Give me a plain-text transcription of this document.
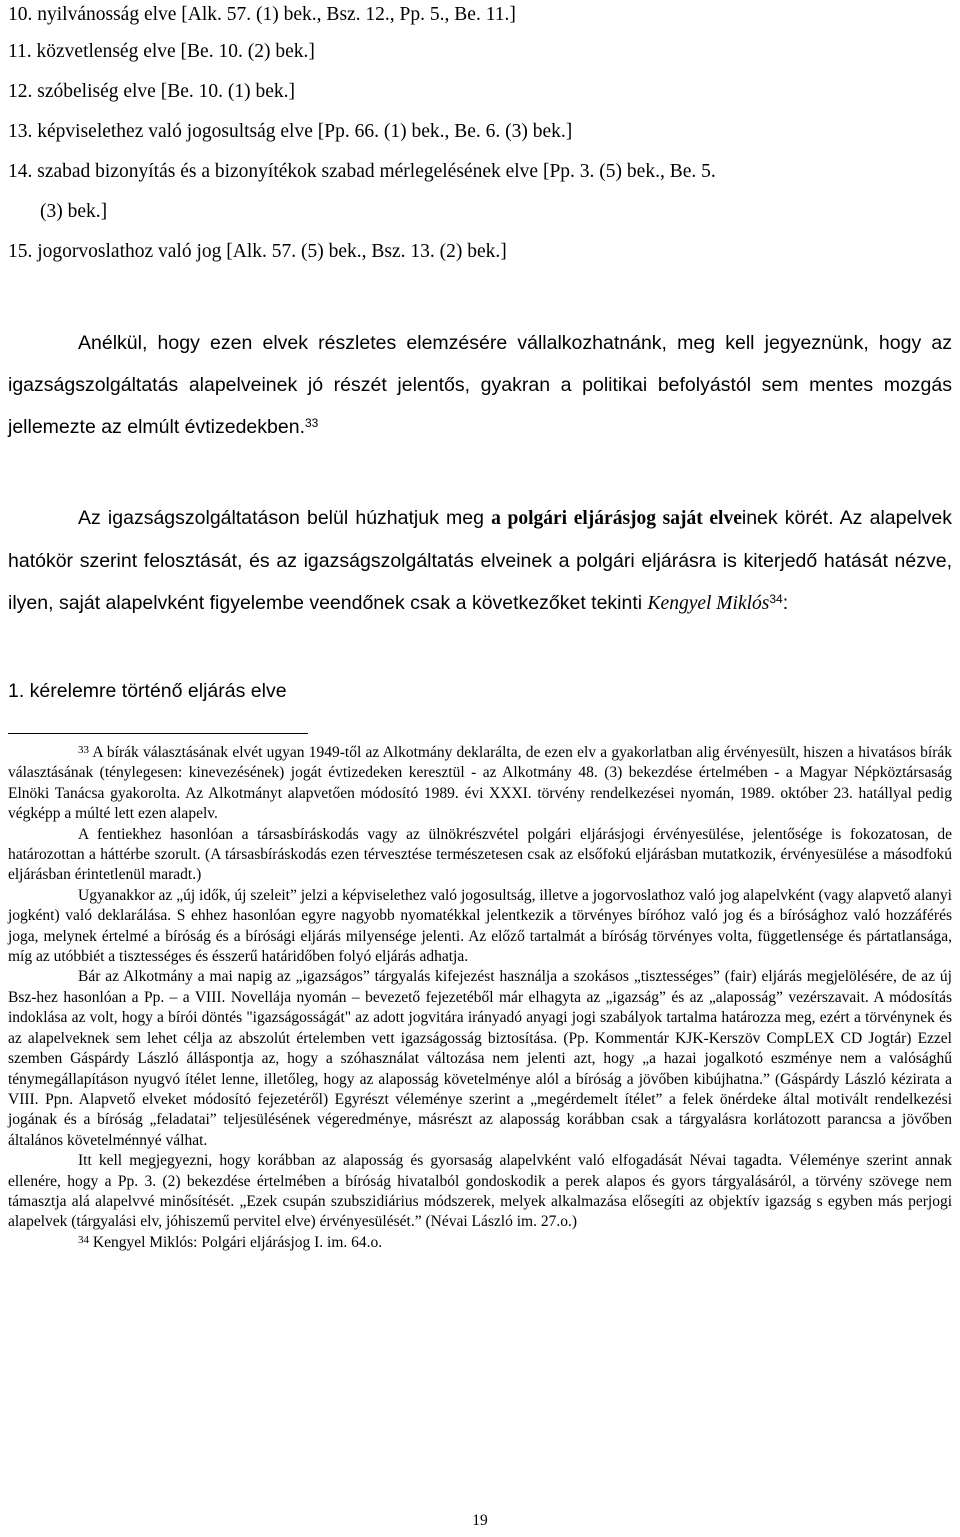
10. nyilvánosság elve [Alk. 57. (1) bek., Bsz. 12., Pp. 5., Be. 11.]
11. közvetlenség elve [Be. 10. (2) bek.]
12. szóbeliség elve [Be. 10. (1) bek.]
13. képviselethez való jogosultság elve [Pp. 66. (1) bek., Be. 6. (3) bek.]
14. szabad bizonyítás és a bizonyítékok szabad mérlegelésének elve [Pp. 3. (5) bek., Be. 5.
(3) bek.]
15. jogorvoslathoz való jog [Alk. 57. (5) bek., Bsz. 13. (2) bek.]
Anélkül, hogy ezen elvek részletes elemzésére vállalkozhatnánk, meg kell jegyeznünk, hogy az igazságszolgáltatás alapelveinek jó részét jelentős, gyakran a politikai befolyástól sem mentes mozgás jellemezte az elmúlt évtizedekben.$^{33}$
Az igazságszolgáltatáson belül húzhatjuk meg a polgári eljárásjog saját elveinek körét. Az alapelvek hatókör szerint felosztását, és az igazságszolgáltatás elveinek a polgári eljárásra is kiterjedő hatását nézve, ilyen, saját alapelvként figyelembe veendőnek csak a következőket tekinti Kengyel Miklós$^{34}$:
1. kérelemre történő eljárás elve

$^{33}$ A bírák választásának elvét ugyan 1949-től az Alkotmány deklarálta, de ezen elv a gyakorlatban alig érvényesült, hiszen a hivatásos bírák választásának (ténylegesen: kinevezésének) jogát évtizedeken keresztül - az Alkotmány 48. (3) bekezdése értelmében - a Magyar Népköztársaság Elnöki Tanácsa gyakorolta. Az Alkotmányt alapvetően módosító 1989. évi XXXI. törvény rendelkezései nyomán, 1989. október 23. hatállyal pedig végképp a múlté lett ezen alapelv.

A fentiekhez hasonlóan a társasbíráskodás vagy az ülnökrészvétel polgári eljárásjogi érvényesülése, jelentősége is fokozatosan, de határozottan a háttérbe szorult. (A társasbíráskodás ezen térvesztése természetesen csak az elsőfokú eljárásban mutatkozik, érvényesülése a másodfokú eljárásban érintetlenül maradt.)

Ugyanakkor az „új idők, új szeleit” jelzi a képviselethez való jogosultság, illetve a jogorvoslathoz való jog alapelvként (vagy alapvető alanyi jogként) való deklarálása. S ehhez hasonlóan egyre nagyobb nyomatékkal jelentkezik a törvényes bíróhoz való jog és a bírósághoz való hozzáférés joga, melynek értelmé a bíróság és a bírósági eljárás milyensége jelenti. Az előző tartalmát a bíróság törvényes volta, függetlensége és pártatlansága, míg az utóbbiét a tisztességes és ésszerű határidőben folyó eljárás adhatja.

Bár az Alkotmány a mai napig az „igazságos” tárgyalás kifejezést használja a szokásos „tisztességes” (fair) eljárás megjelölésére, de az új Bsz-hez hasonlóan a Pp. – a VIII. Novellája nyomán – bevezető fejezetéből már elhagyta az „igazság” és az „alaposság” vezérszavait. A módosítás indoklása az volt, hogy a bírói döntés "igazságosságát" az adott jogvitára irányadó anyagi jogi szabályok tartalma határozza meg, ezért a törvénynek és az alapelveknek sem lehet célja az abszolút értelemben vett igazságosság biztosítása. (Pp. Kommentár KJK-Kerszöv CompLEX CD Jogtár) Ezzel szemben Gáspárdy László álláspontja az, hogy a szóhasználat változása nem jelenti azt, hogy „a hazai jogalkotó eszménye nem a valósághű ténymegállapításon nyugvó ítélet lenne, illetőleg, hogy az alaposság követelménye alól a bíróság a jövőben kibújhatna.” (Gáspárdy László kézirata a VIII. Ppn. Alapvető elveket módosító fejezetéről) Egyrészt véleménye szerint a „megérdemelt ítélet” a felek önérdeke által motivált rendelkezési jogának és a bíróság „feladatai” teljesülésének végeredménye, másrészt az alaposság korábban csak a tárgyalásra korlátozott parancsa a jövőben általános követelménnyé válhat.

Itt kell megjegyezni, hogy korábban az alaposság és gyorsaság alapelvként való elfogadását Névai tagadta. Véleménye szerint annak ellenére, hogy a Pp. 3. (2) bekezdése értelmében a bíróság hivatalból gondoskodik a perek alapos és gyors tárgyalásáról, a törvény szövege nem támasztja alá alapelvvé minősítését. „Ezek csupán szubszidiárius módszerek, melyek alkalmazása elősegíti az objektív igazság s egyben más perjogi alapelvek (tárgyalási elv, jóhiszemű pervitel elve) érvényesülését.” (Névai László im. 27.o.)

$^{34}$ Kengyel Miklós: Polgári eljárásjog I. im. 64.o.

19
